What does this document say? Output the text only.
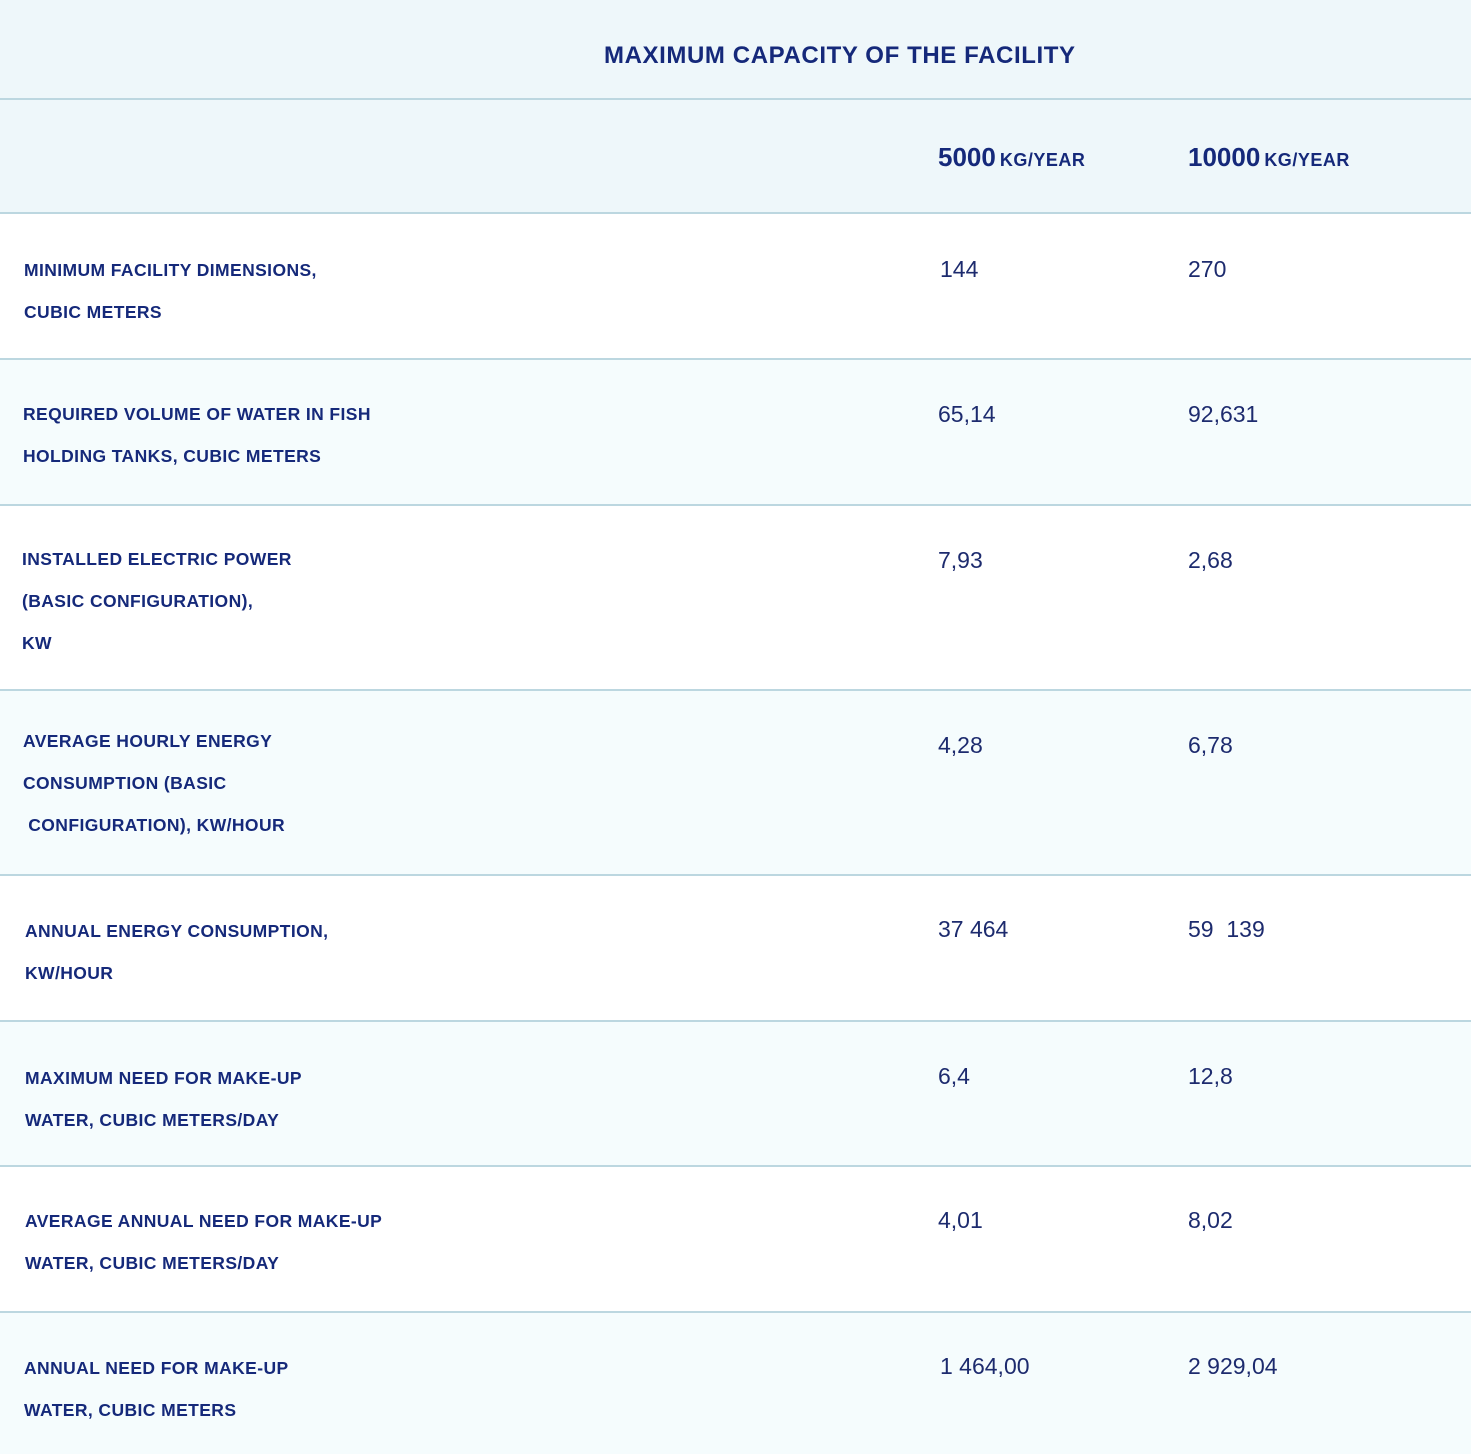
MAXIMUM CAPACITY OF THE FACILITY
5000 KG/YEAR	10000 KG/YEAR
MINIMUM FACILITY DIMENSIONS,
CUBIC METERS
144	270
REQUIRED VOLUME OF WATER IN FISH
HOLDING TANKS, CUBIC METERS
65,14	92,631
INSTALLED ELECTRIC POWER
(BASIC CONFIGURATION),
KW
7,93	2,68
AVERAGE HOURLY ENERGY
CONSUMPTION (BASIC
CONFIGURATION), KW/HOUR
4,28	6,78
ANNUAL ENERGY CONSUMPTION,
KW/HOUR
37 464	59  139
MAXIMUM NEED FOR MAKE-UP
WATER, CUBIC METERS/DAY
6,4	12,8
AVERAGE ANNUAL NEED FOR MAKE-UP
WATER, CUBIC METERS/DAY
4,01	8,02
ANNUAL NEED FOR MAKE-UP
WATER, CUBIC METERS
1 464,00	2 929,04
